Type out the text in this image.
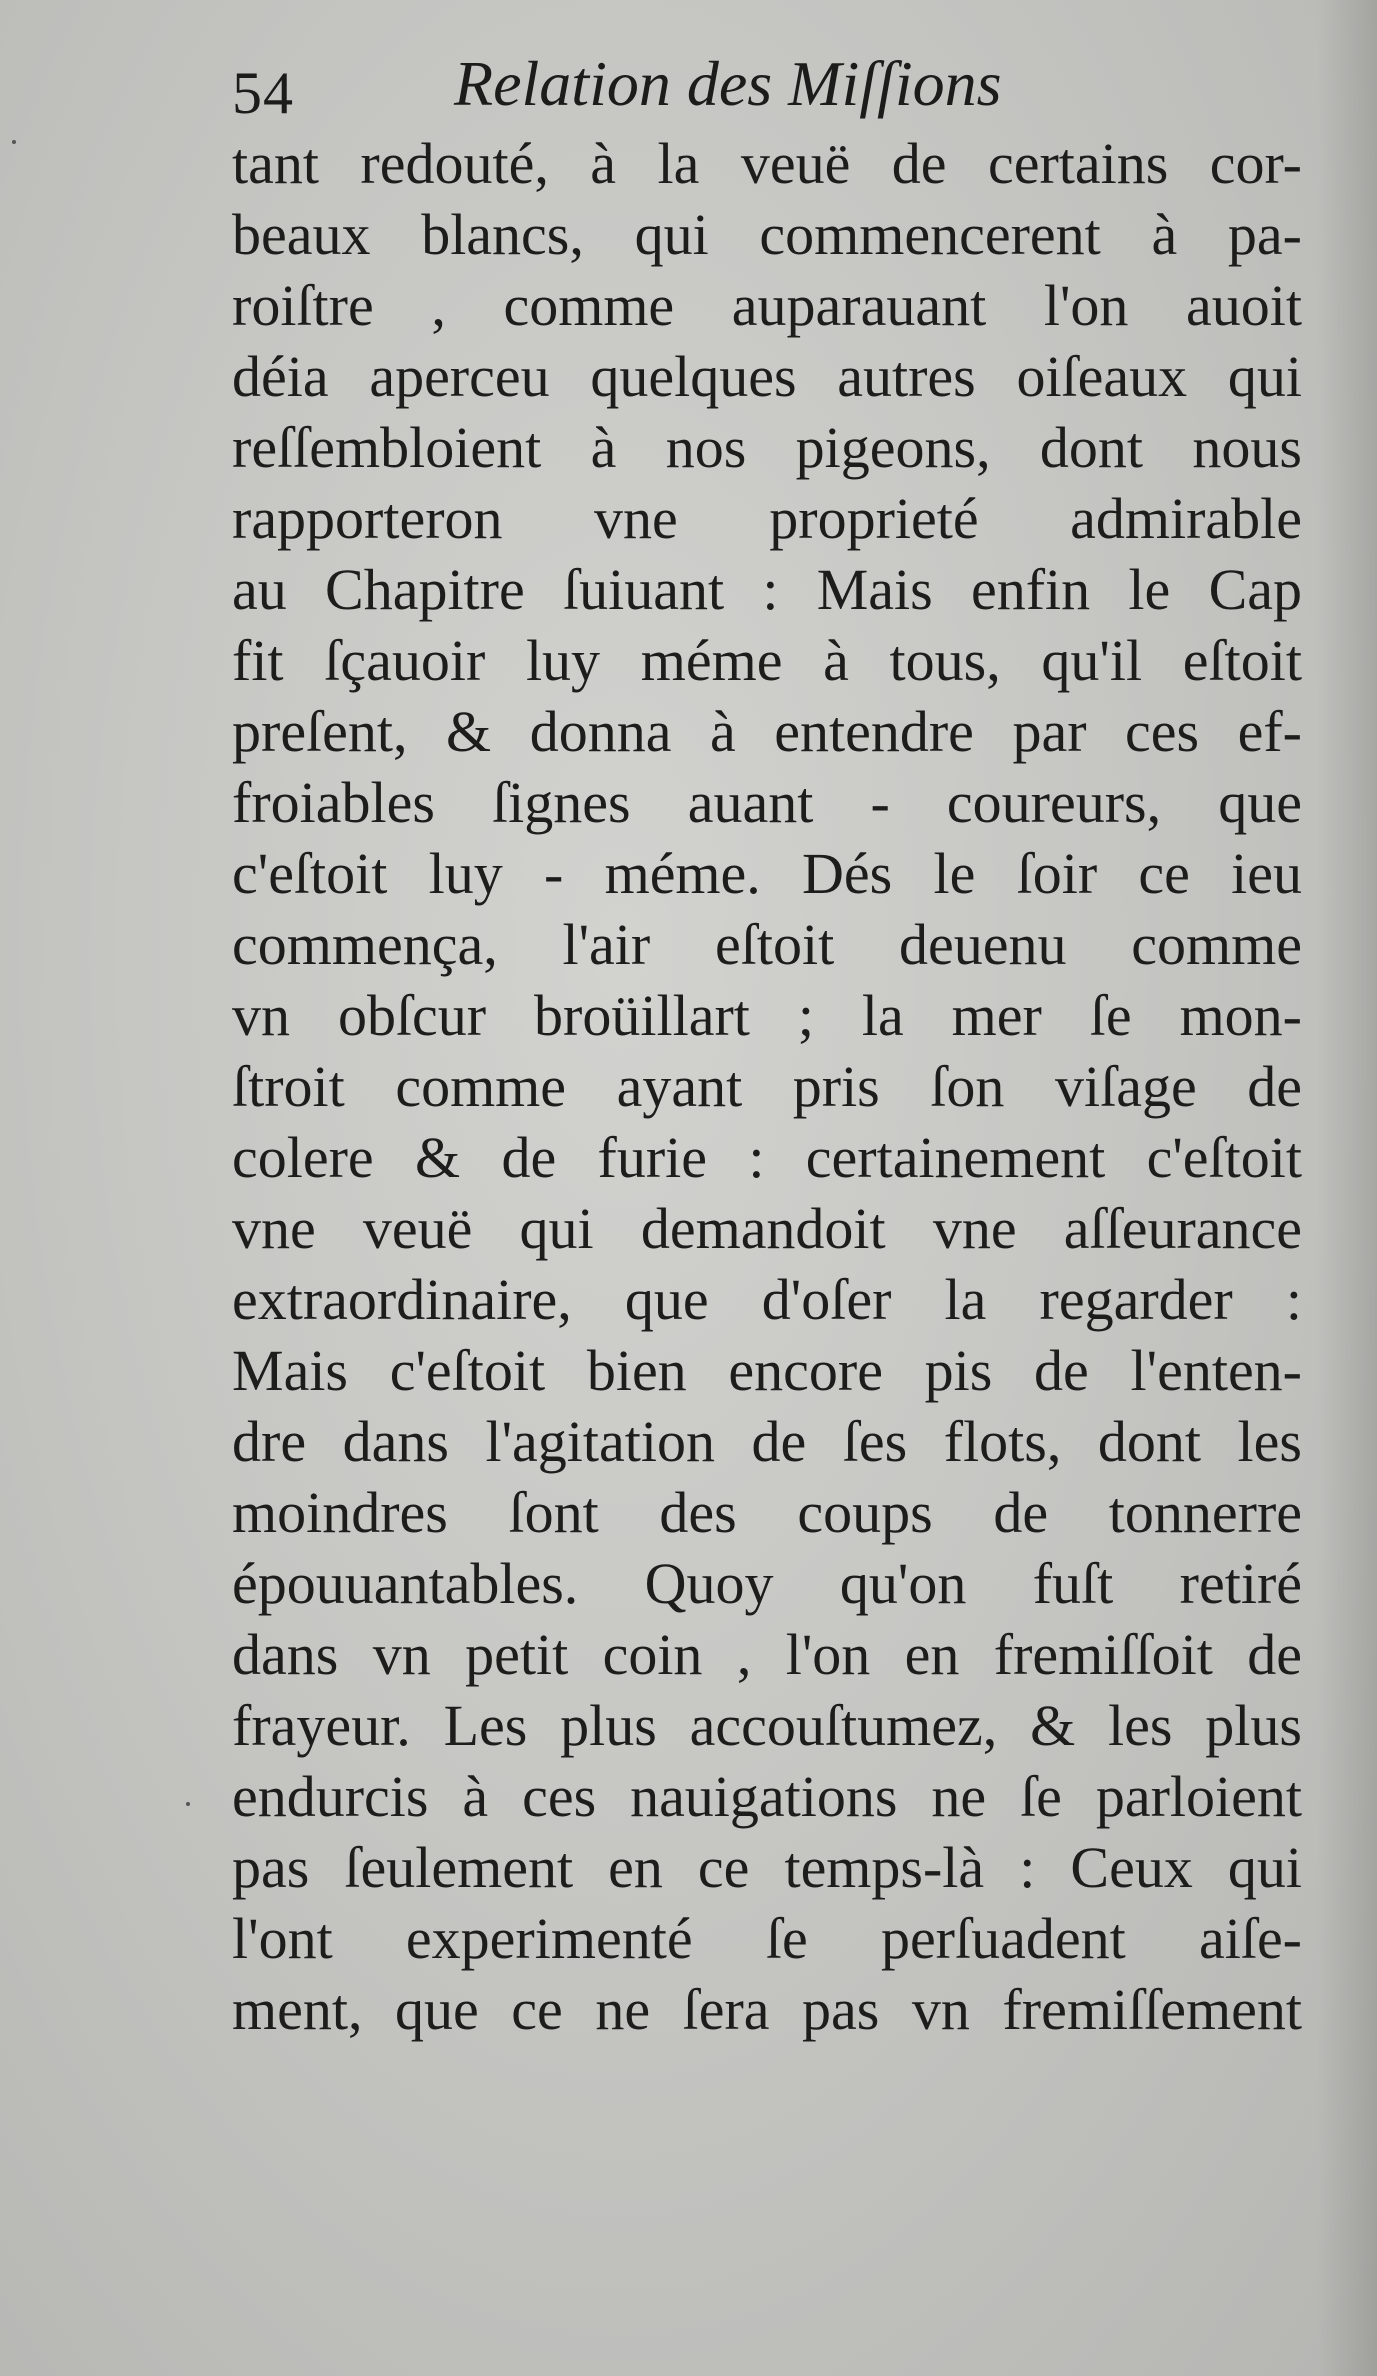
54	Relation des Miſſions
tant redouté, à la veuë de certains cor-
beaux blancs, qui commencerent à pa-
roiſtre , comme auparauant l'on auoit
déia aperceu quelques autres oiſeaux qui
reſſembloient à nos pigeons, dont nous
rapporteron vne proprieté admirable
au Chapitre ſuiuant : Mais enfin le Cap
fit ſçauoir luy méme à tous, qu'il eſtoit
preſent, & donna à entendre par ces ef-
froiables ſignes auant - coureurs, que
c'eſtoit luy - méme. Dés le ſoir ce ieu
commença, l'air eſtoit deuenu comme
vn obſcur broüillart ; la mer ſe mon-
ſtroit comme ayant pris ſon viſage de
colere & de furie : certainement c'eſtoit
vne veuë qui demandoit vne aſſeurance
extraordinaire, que d'oſer la regarder :
Mais c'eſtoit bien encore pis de l'enten-
dre dans l'agitation de ſes flots, dont les
moindres ſont des coups de tonnerre
épouuantables. Quoy qu'on fuſt retiré
dans vn petit coin , l'on en fremiſſoit de
frayeur. Les plus accouſtumez, & les plus
endurcis à ces nauigations ne ſe parloient
pas ſeulement en ce temps-là : Ceux qui
l'ont experimenté ſe perſuadent aiſe-
ment, que ce ne ſera pas vn fremiſſement
